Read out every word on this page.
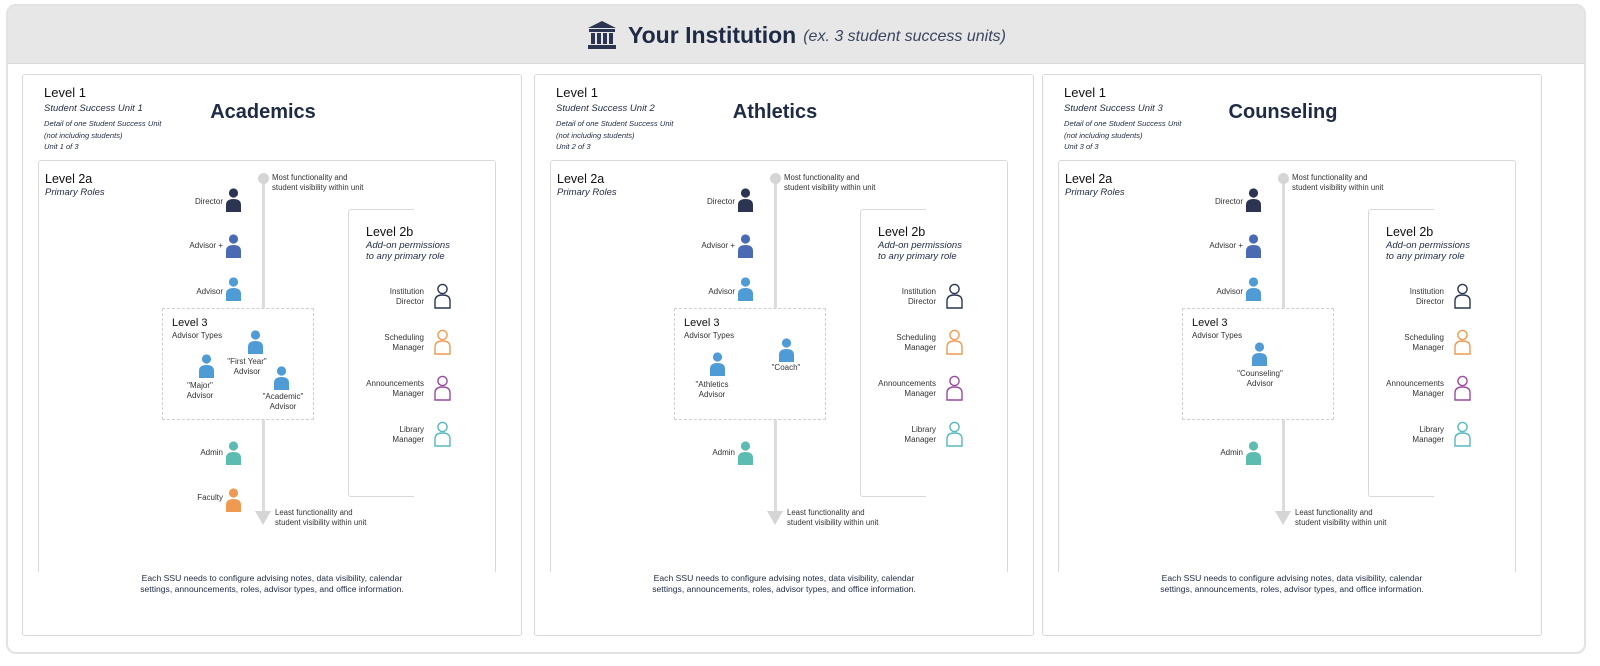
Your Institution (ex. 3 student success units)
Level 1
Student Success Unit 1
Detail of one Student Success Unit
(not including students)
Unit 1 of 3
Academics
Level 2a
Primary Roles
Most functionality and
student visibility within unit
Least functionality and
student visibility within unit
Director
Advisor +
Advisor
Level 3
Advisor Types
"Major"
Advisor
"First Year"
Advisor
"Academic"
Advisor
Admin
Faculty
Level 2b
Add-on permissions
to any primary role
Institution
Director
Scheduling
Manager
Announcements
Manager
Library
Manager
Each SSU needs to configure advising notes, data visibility, calendar
settings, announcements, roles, advisor types, and office information.
Level 1
Student Success Unit 2
Detail of one Student Success Unit
(not including students)
Unit 2 of 3
Athletics
Level 2a
Primary Roles
Most functionality and
student visibility within unit
Least functionality and
student visibility within unit
Director
Advisor +
Advisor
Level 3
Advisor Types
"Athletics
Advisor
"Coach"
Admin
Level 2b
Add-on permissions
to any primary role
Institution
Director
Scheduling
Manager
Announcements
Manager
Library
Manager
Each SSU needs to configure advising notes, data visibility, calendar
settings, announcements, roles, advisor types, and office information.
Level 1
Student Success Unit 3
Detail of one Student Success Unit
(not including students)
Unit 3 of 3
Counseling
Level 2a
Primary Roles
Most functionality and
student visibility within unit
Least functionality and
student visibility within unit
Director
Advisor +
Advisor
Level 3
Advisor Types
"Counseling"
Advisor
Admin
Level 2b
Add-on permissions
to any primary role
Institution
Director
Scheduling
Manager
Announcements
Manager
Library
Manager
Each SSU needs to configure advising notes, data visibility, calendar
settings, announcements, roles, advisor types, and office information.
